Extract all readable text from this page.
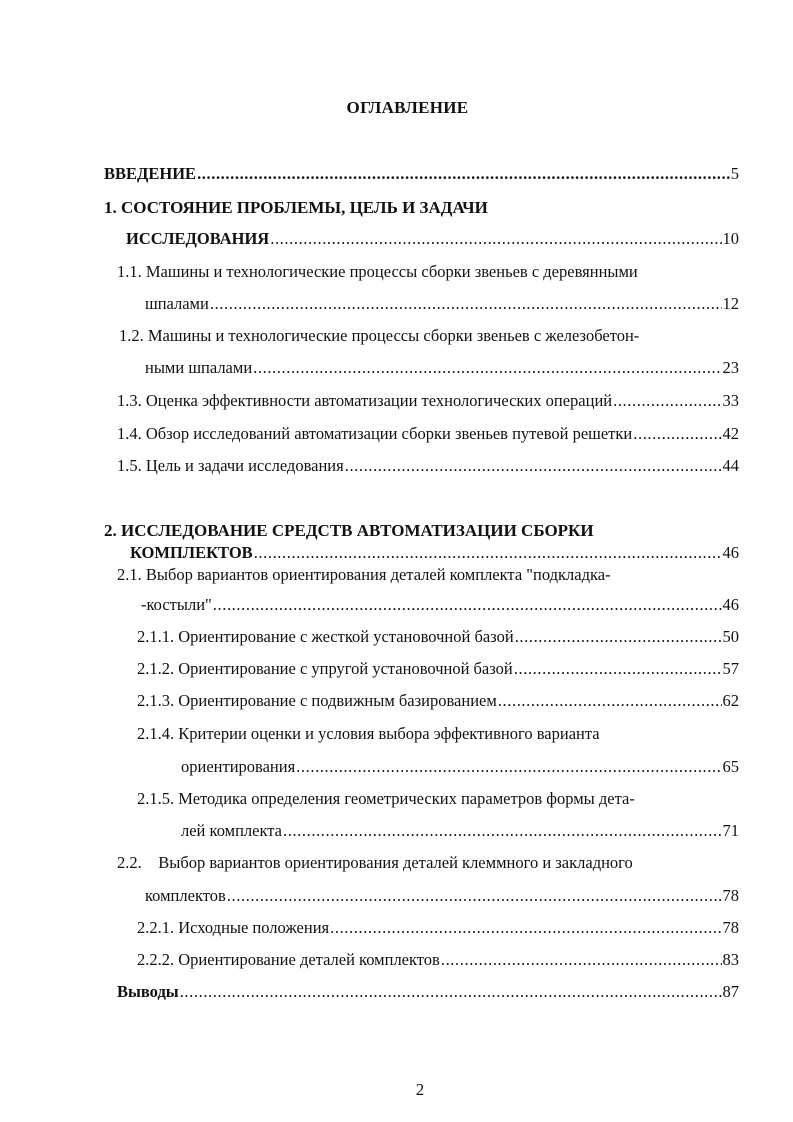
ОГЛАВЛЕНИЕ
ВВЕДЕНИЕ .....	5
1. СОСТОЯНИЕ ПРОБЛЕМЫ, ЦЕЛЬ И ЗАДАЧИ
ИССЛЕДОВАНИЯ .....	10
1.1. Машины и технологические процессы сборки звеньев с деревянными
шпалами .....	12
1.2. Машины и технологические процессы сборки звеньев с железобетон-
ными шпалами .....	23
1.3. Оценка эффективности автоматизации технологических операций .....	33
1.4. Обзор исследований автоматизации сборки звеньев путевой решетки .....	42
1.5. Цель и задачи исследования .....	44
2. ИССЛЕДОВАНИЕ СРЕДСТВ АВТОМАТИЗАЦИИ СБОРКИ
КОМПЛЕКТОВ .....	46
2.1. Выбор вариантов ориентирования деталей комплекта "подкладка-
-костыли" .....	46
2.1.1. Ориентирование с жесткой установочной базой .....	50
2.1.2. Ориентирование с упругой установочной базой .....	57
2.1.3. Ориентирование с подвижным базированием .....	62
2.1.4. Критерии оценки и условия выбора эффективного варианта
ориентирования .....	65
2.1.5. Методика определения геометрических параметров формы дета-
лей комплекта .....	71
2.2.    Выбор вариантов ориентирования деталей клеммного и закладного
комплектов .....	78
2.2.1. Исходные положения .....	78
2.2.2. Ориентирование деталей комплектов .....	83
Выводы .....	87
2
